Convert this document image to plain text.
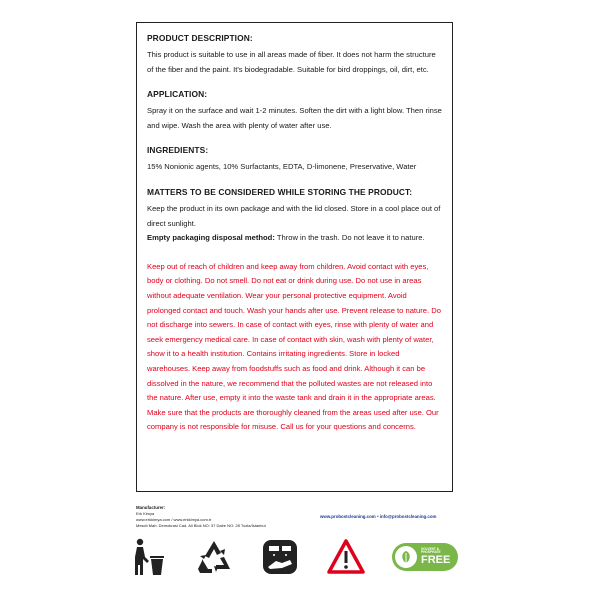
PRODUCT DESCRIPTION:

This product is suitable to use in all areas made of fiber. It does not harm the structure of the fiber and the paint. It's biodegradable. Suitable for bird droppings, oil, dirt, etc.

APPLICATION:

Spray it on the surface and wait 1-2 minutes. Soften the dirt with a light blow. Then rinse and wipe. Wash the area with plenty of water after use.

INGREDIENTS:

15% Nonionic agents, 10% Surfactants, EDTA, D-limonene, Preservative, Water

MATTERS TO BE CONSIDERED WHILE STORING THE PRODUCT:

Keep the product in its own package and with the lid closed. Store in a cool place out of direct sunlight.

Empty packaging disposal method: Throw in the trash. Do not leave it to nature.

Keep out of reach of children and keep away from children. Avoid contact with eyes, body or clothing. Do not smell. Do not eat or drink during use. Do not use in areas without adequate ventilation. Wear your personal protective equipment. Avoid prolonged contact and touch. Wash your hands after use. Prevent release to nature. Do not discharge into sewers. In case of contact with eyes, rinse with plenty of water and seek emergency medical care. In case of contact with skin, wash with plenty of water, show it to a health institution. Contains irritating ingredients. Store in locked warehouses. Keep away from foodstuffs such as food and drink. Although it can be dissolved in the nature, we recommend that the polluted wastes are not released into the nature. After use, empty it into the waste tank and drain it in the appropriate areas. Make sure that the products are thoroughly cleaned from the areas used after use. Our company is not responsible for misuse. Call us for your questions and concerns.
Manufacturer:
Erk Kimya
www.erkkimya.com / www.erkkimya.com.tr
Mescit Mah. Demokrasi Cad. Ali Blok NO: 37 Daire NO: 28 Tuzla/İstanbul
www.probostcleaning.com • info@probostcleaning.com
SOLVENT &
PHOSPHATE
FREE
